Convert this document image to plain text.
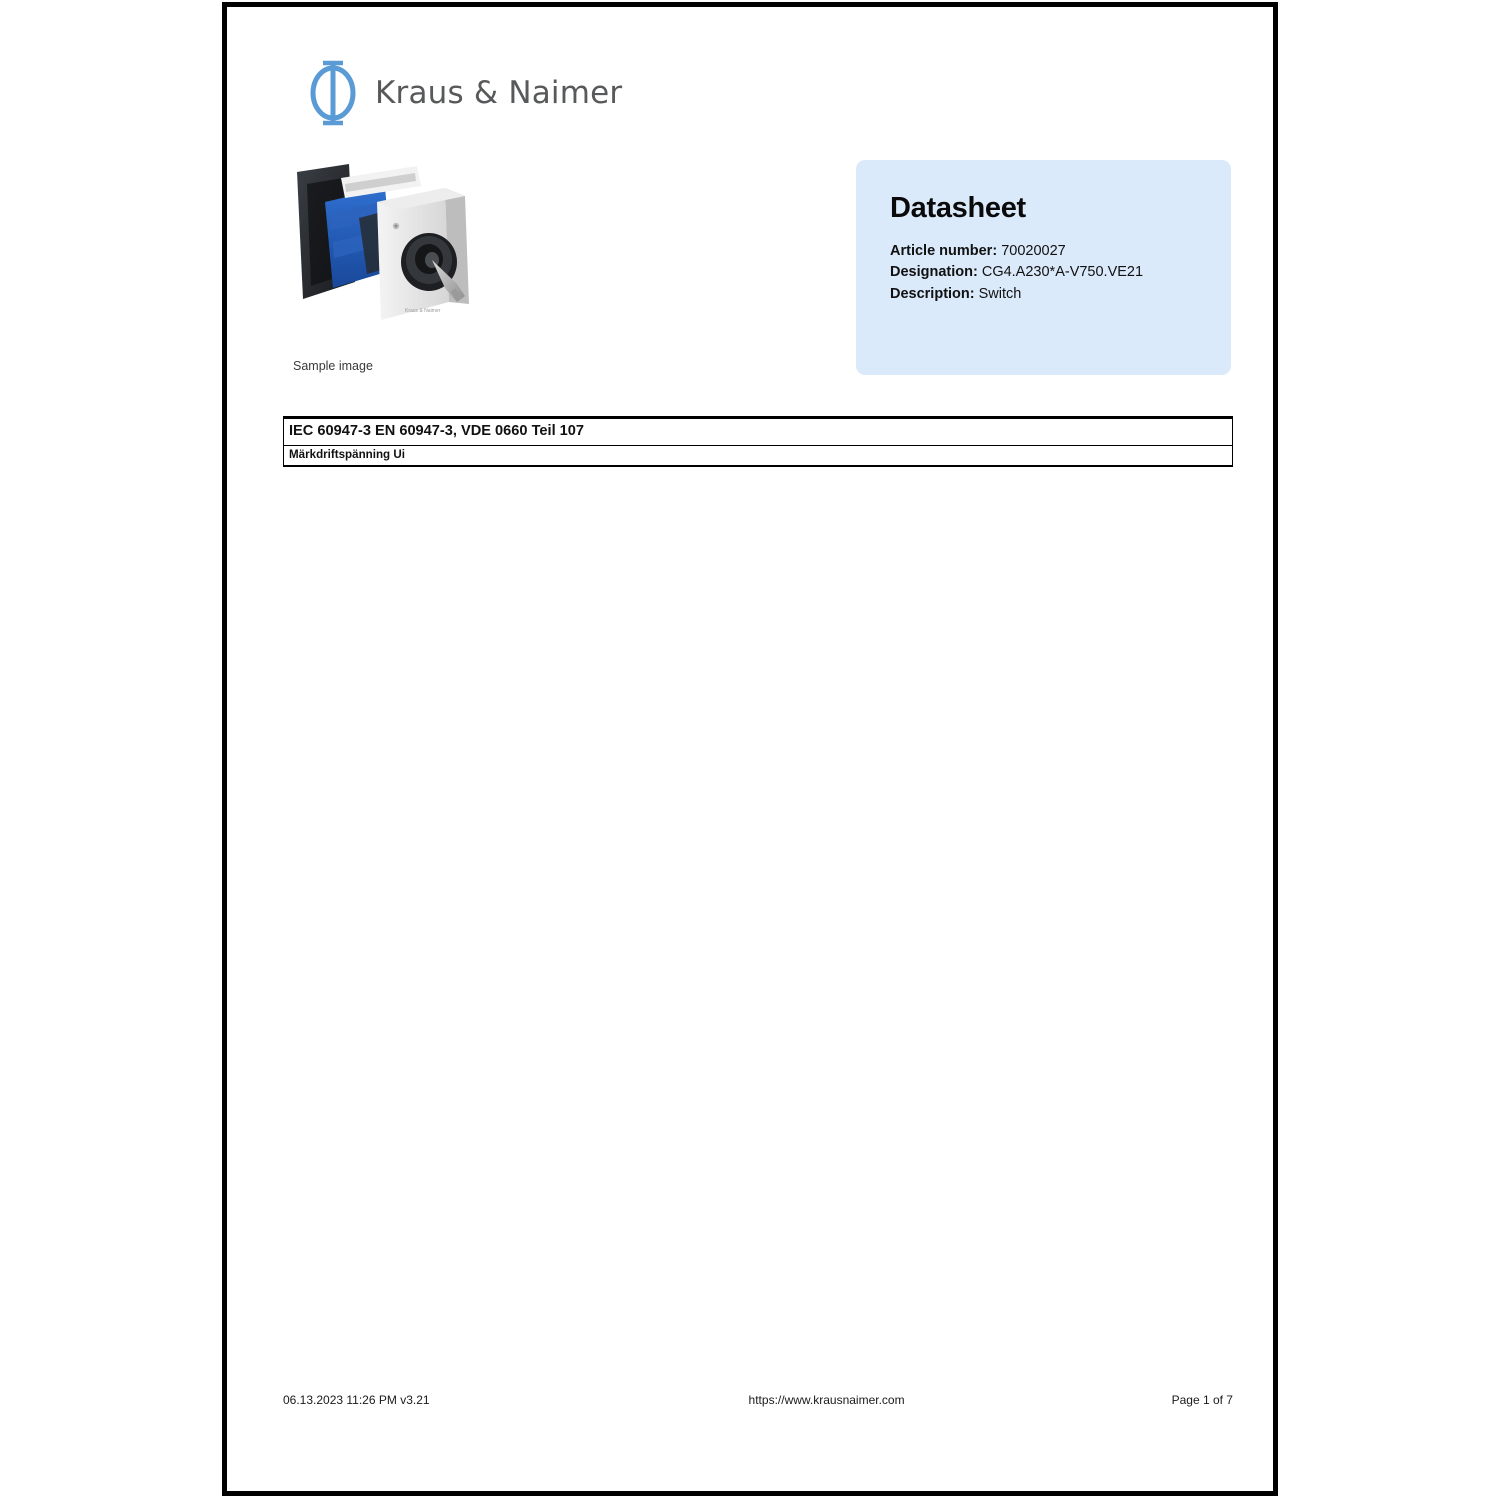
Kraus & Naimer
Kraus & Naimer
Sample image
Datasheet
Article number: 70020027
Designation: CG4.A230*A-V750.VE21
Description: Switch
IEC 60947-3 EN 60947-3, VDE 0660 Teil 107
Märkdriftspänning Ui
06.13.2023 11:26 PM v3.21	https://www.krausnaimer.com	Page 1 of 7
